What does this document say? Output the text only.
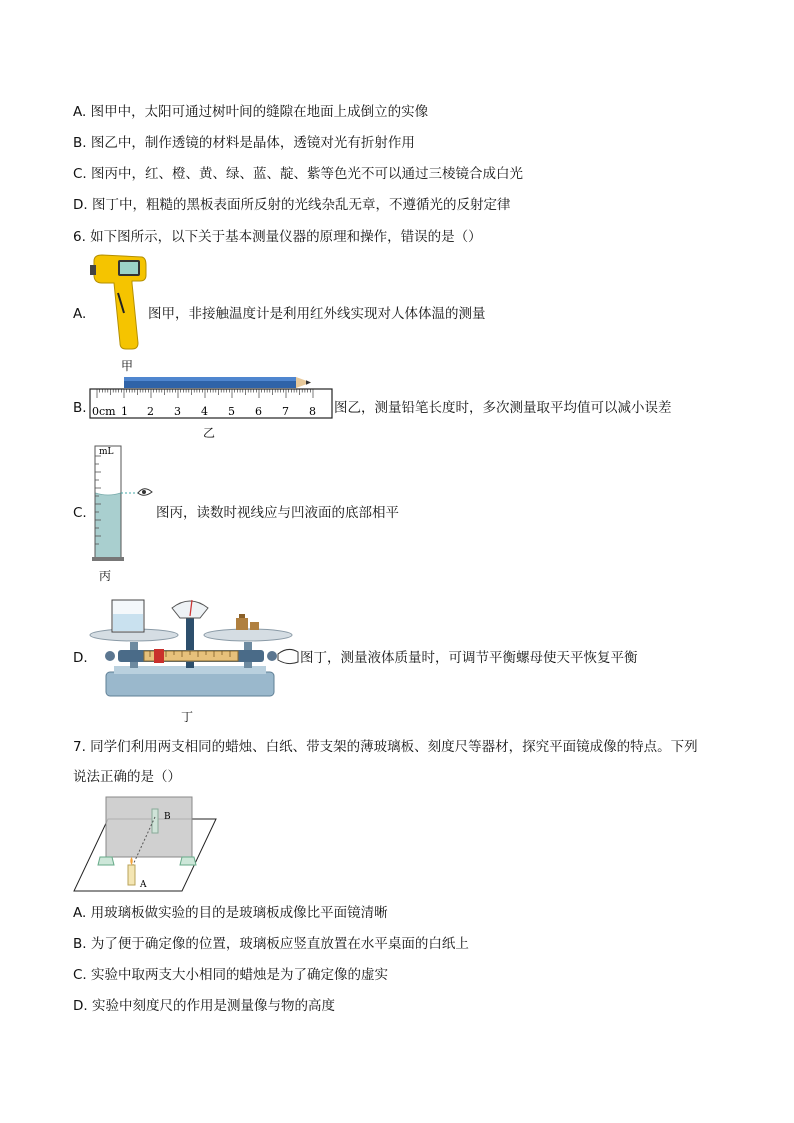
A. 图甲中，太阳可通过树叶间的缝隙在地面上成倒立的实像
B. 图乙中，制作透镜的材料是晶体，透镜对光有折射作用
C. 图丙中，红、橙、黄、绿、蓝、靛、紫等色光不可以通过三棱镜合成白光
D. 图丁中，粗糙的黑板表面所反射的光线杂乱无章，不遵循光的反射定律
6. 如下图所示，以下关于基本测量仪器的原理和操作，错误的是（）
A.
甲
图甲，非接触温度计是利用红外线实现对人体体温的测量
B. 0cm 1 2 3 4 5 6 7 8
乙
图乙，测量铅笔长度时，多次测量取平均值可以减小误差
C.
mL
丙
图丙，读数时视线应与凹液面的底部相平
D.
丁
图丁，测量液体质量时，可调节平衡螺母使天平恢复平衡
7. 同学们利用两支相同的蜡烛、白纸、带支架的薄玻璃板、刻度尺等器材，探究平面镜成像的特点。下列
说法正确的是（）
B
A
A. 用玻璃板做实验的目的是玻璃板成像比平面镜清晰
B. 为了便于确定像的位置，玻璃板应竖直放置在水平桌面的白纸上
C. 实验中取两支大小相同的蜡烛是为了确定像的虚实
D. 实验中刻度尺的作用是测量像与物的高度
